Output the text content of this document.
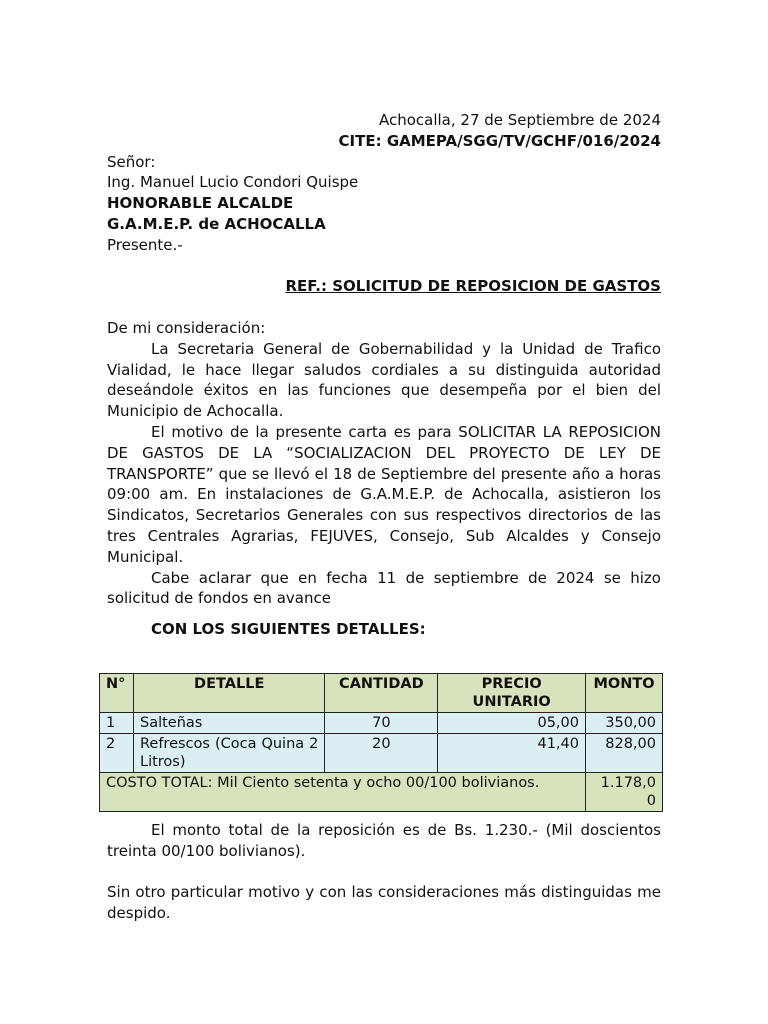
Achocalla, 27 de Septiembre de 2024
CITE: GAMEPA/SGG/TV/GCHF/016/2024
Señor:
Ing. Manuel Lucio Condori Quispe
HONORABLE ALCALDE
G.A.M.E.P. de ACHOCALLA
Presente.-
REF.: SOLICITUD DE REPOSICION DE GASTOS
De mi consideración:
La Secretaria General de Gobernabilidad y la Unidad de Trafico Vialidad, le hace llegar saludos cordiales a su distinguida autoridad deseándole éxitos en las funciones que desempeña por el bien del Municipio de Achocalla.
El motivo de la presente carta es para SOLICITAR LA REPOSICION DE GASTOS DE LA “SOCIALIZACION DEL PROYECTO DE LEY DE TRANSPORTE” que se llevó el 18 de Septiembre del presente año a horas 09:00 am. En instalaciones de G.A.M.E.P. de Achocalla, asistieron los Sindicatos, Secretarios Generales con sus respectivos directorios de las tres Centrales Agrarias, FEJUVES, Consejo, Sub Alcaldes y Consejo Municipal.
Cabe aclarar que en fecha 11 de septiembre de 2024 se hizo solicitud de fondos en avance
CON LOS SIGUIENTES DETALLES:
N°	DETALLE	CANTIDAD	PRECIO UNITARIO	MONTO
1	Salteñas	70	05,00	350,00
2	Refrescos (Coca Quina 2 Litros)	20	41,40	828,00
COSTO TOTAL: Mil Ciento setenta y ocho 00/100 bolivianos.				1.178,00
El monto total de la reposición es de Bs. 1.230.- (Mil doscientos treinta 00/100 bolivianos).
Sin otro particular motivo y con las consideraciones más distinguidas me despido.
